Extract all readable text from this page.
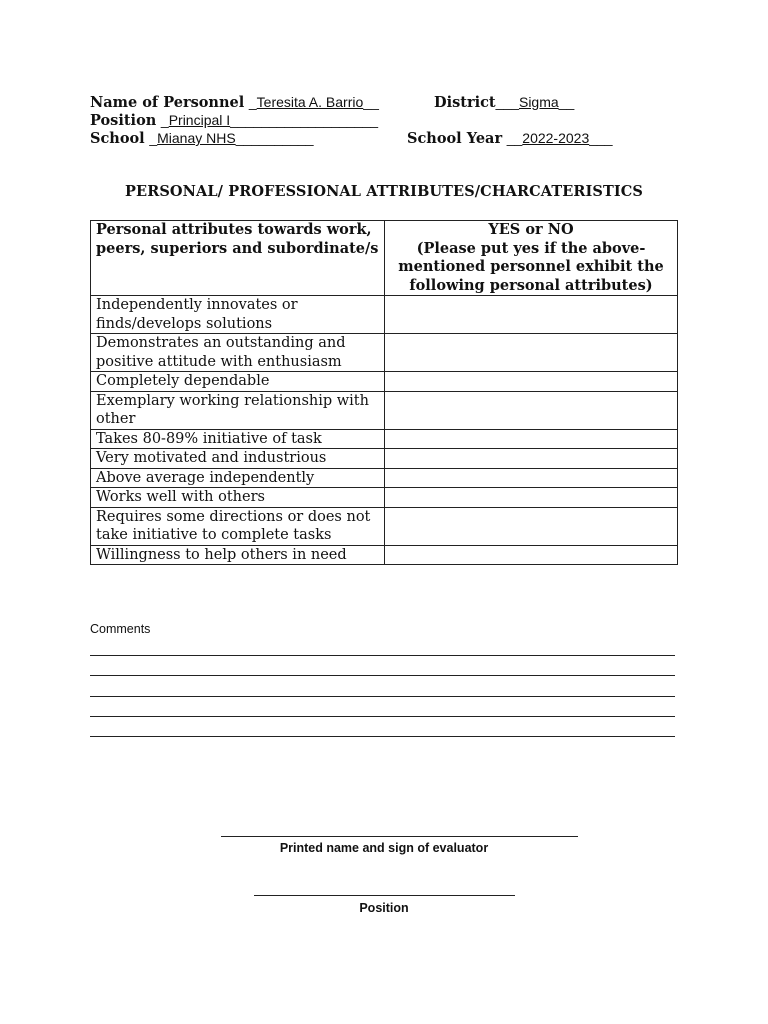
Name of Personnel _Teresita A. Barrio__	District___Sigma__
Position _Principal I___________________
School _Mianay NHS__________	School Year __2022-2023___
PERSONAL/ PROFESSIONAL ATTRIBUTES/CHARCATERISTICS
Personal attributes towards work, peers, superiors and subordinate/s	YES or NO
(Please put yes if the above-mentioned personnel exhibit the following personal attributes)

Independently innovates or finds/develops solutions	
Demonstrates an outstanding and positive attitude with enthusiasm	
Completely dependable	
Exemplary working relationship with other	
Takes 80-89% initiative of task	
Very motivated and industrious	
Above average independently	
Works well with others	
Requires some directions or does not take initiative to complete tasks	
Willingness to help others in need	
Comments
Printed name and sign of evaluator
Position
